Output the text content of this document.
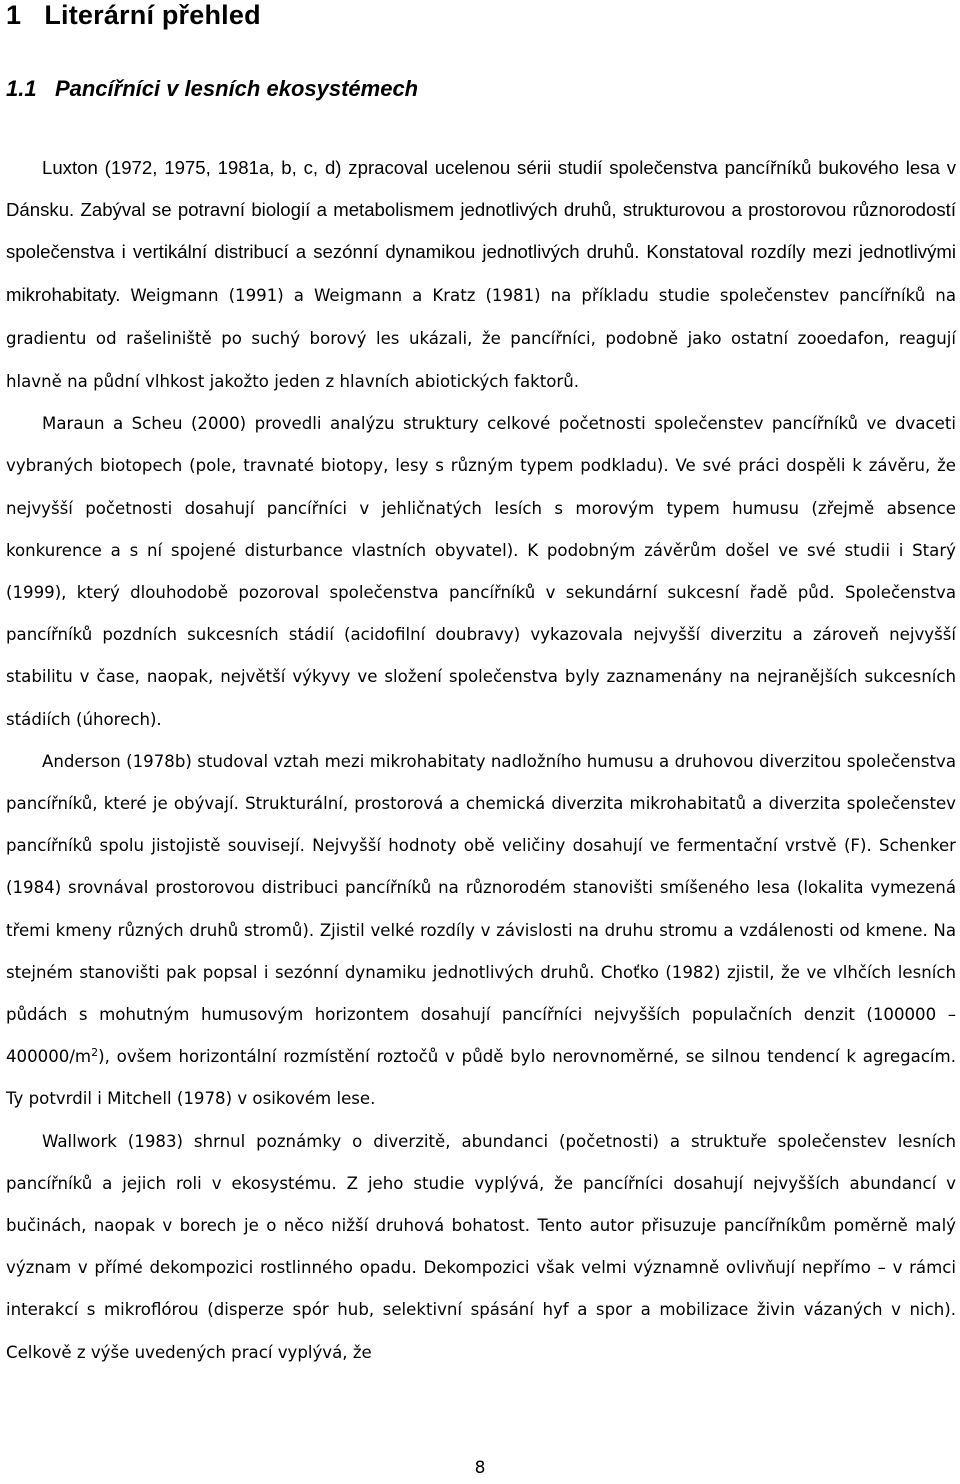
1 Literární přehled
1.1 Pancířníci v lesních ekosystémech

Luxton (1972, 1975, 1981a, b, c, d) zpracoval ucelenou sérii studií společenstva pancířníků bukového lesa v Dánsku. Zabýval se potravní biologií a metabolismem jednotlivých druhů, strukturovou a prostorovou různorodostí společenstva i vertikální distribucí a sezónní dynamikou jednotlivých druhů. Konstatoval rozdíly mezi jednotlivými mikrohabitaty. Weigmann (1991) a Weigmann a Kratz (1981) na příkladu studie společenstev pancířníků na gradientu od rašeliniště po suchý borový les ukázali, že pancířníci, podobně jako ostatní zooedafon, reagují hlavně na půdní vlhkost jakožto jeden z hlavních abiotických faktorů.

Maraun a Scheu (2000) provedli analýzu struktury celkové početnosti společenstev pancířníků ve dvaceti vybraných biotopech (pole, travnaté biotopy, lesy s různým typem podkladu). Ve své práci dospěli k závěru, že nejvyšší početnosti dosahují pancířníci v jehličnatých lesích s morovým typem humusu (zřejmě absence konkurence a s ní spojené disturbance vlastních obyvatel). K podobným závěrům došel ve své studii i Starý (1999), který dlouhodobě pozoroval společenstva pancířníků v sekundární sukcesní řadě půd. Společenstva pancířníků pozdních sukcesních stádií (acidofilní doubravy) vykazovala nejvyšší diverzitu a zároveň nejvyšší stabilitu v čase, naopak, největší výkyvy ve složení společenstva byly zaznamenány na nejranějších sukcesních stádiích (úhorech).

Anderson (1978b) studoval vztah mezi mikrohabitaty nadložního humusu a druhovou diverzitou společenstva pancířníků, které je obývají. Strukturální, prostorová a chemická diverzita mikrohabitatů a diverzita společenstev pancířníků spolu jistojistě souvisejí. Nejvyšší hodnoty obě veličiny dosahují ve fermentační vrstvě (F). Schenker (1984) srovnával prostorovou distribuci pancířníků na různorodém stanovišti smíšeného lesa (lokalita vymezená třemi kmeny různých druhů stromů). Zjistil velké rozdíly v závislosti na druhu stromu a vzdálenosti od kmene. Na stejném stanovišti pak popsal i sezónní dynamiku jednotlivých druhů. Choťko (1982) zjistil, že ve vlhčích lesních půdách s mohutným humusovým horizontem dosahují pancířníci nejvyšších populačních denzit $(100000 - 400000/m^2)$, ovšem horizontální rozmístění roztočů v půdě bylo nerovnoměrné, se silnou tendencí k agregacím. Ty potvrdil i Mitchell (1978) v osikovém lese.

Wallwork (1983) shrnul poznámky o diverzitě, abundanci (početnosti) a struktuře společenstev lesních pancířníků a jejich roli v ekosystému. Z jeho studie vyplývá, že pancířníci dosahují nejvyšších abundancí v bučinách, naopak v borech je o něco nižší druhová bohatost. Tento autor přisuzuje pancířníkům poměrně malý význam v přímé dekompozici rostlinného opadu. Dekompozici však velmi významně ovlivňují nepřímo – v rámci interakcí s mikroflórou (disperze spór hub, selektivní spásání hyf a spor a mobilizace živin vázaných v nich). Celkově z výše uvedených prací vyplývá, že

8
